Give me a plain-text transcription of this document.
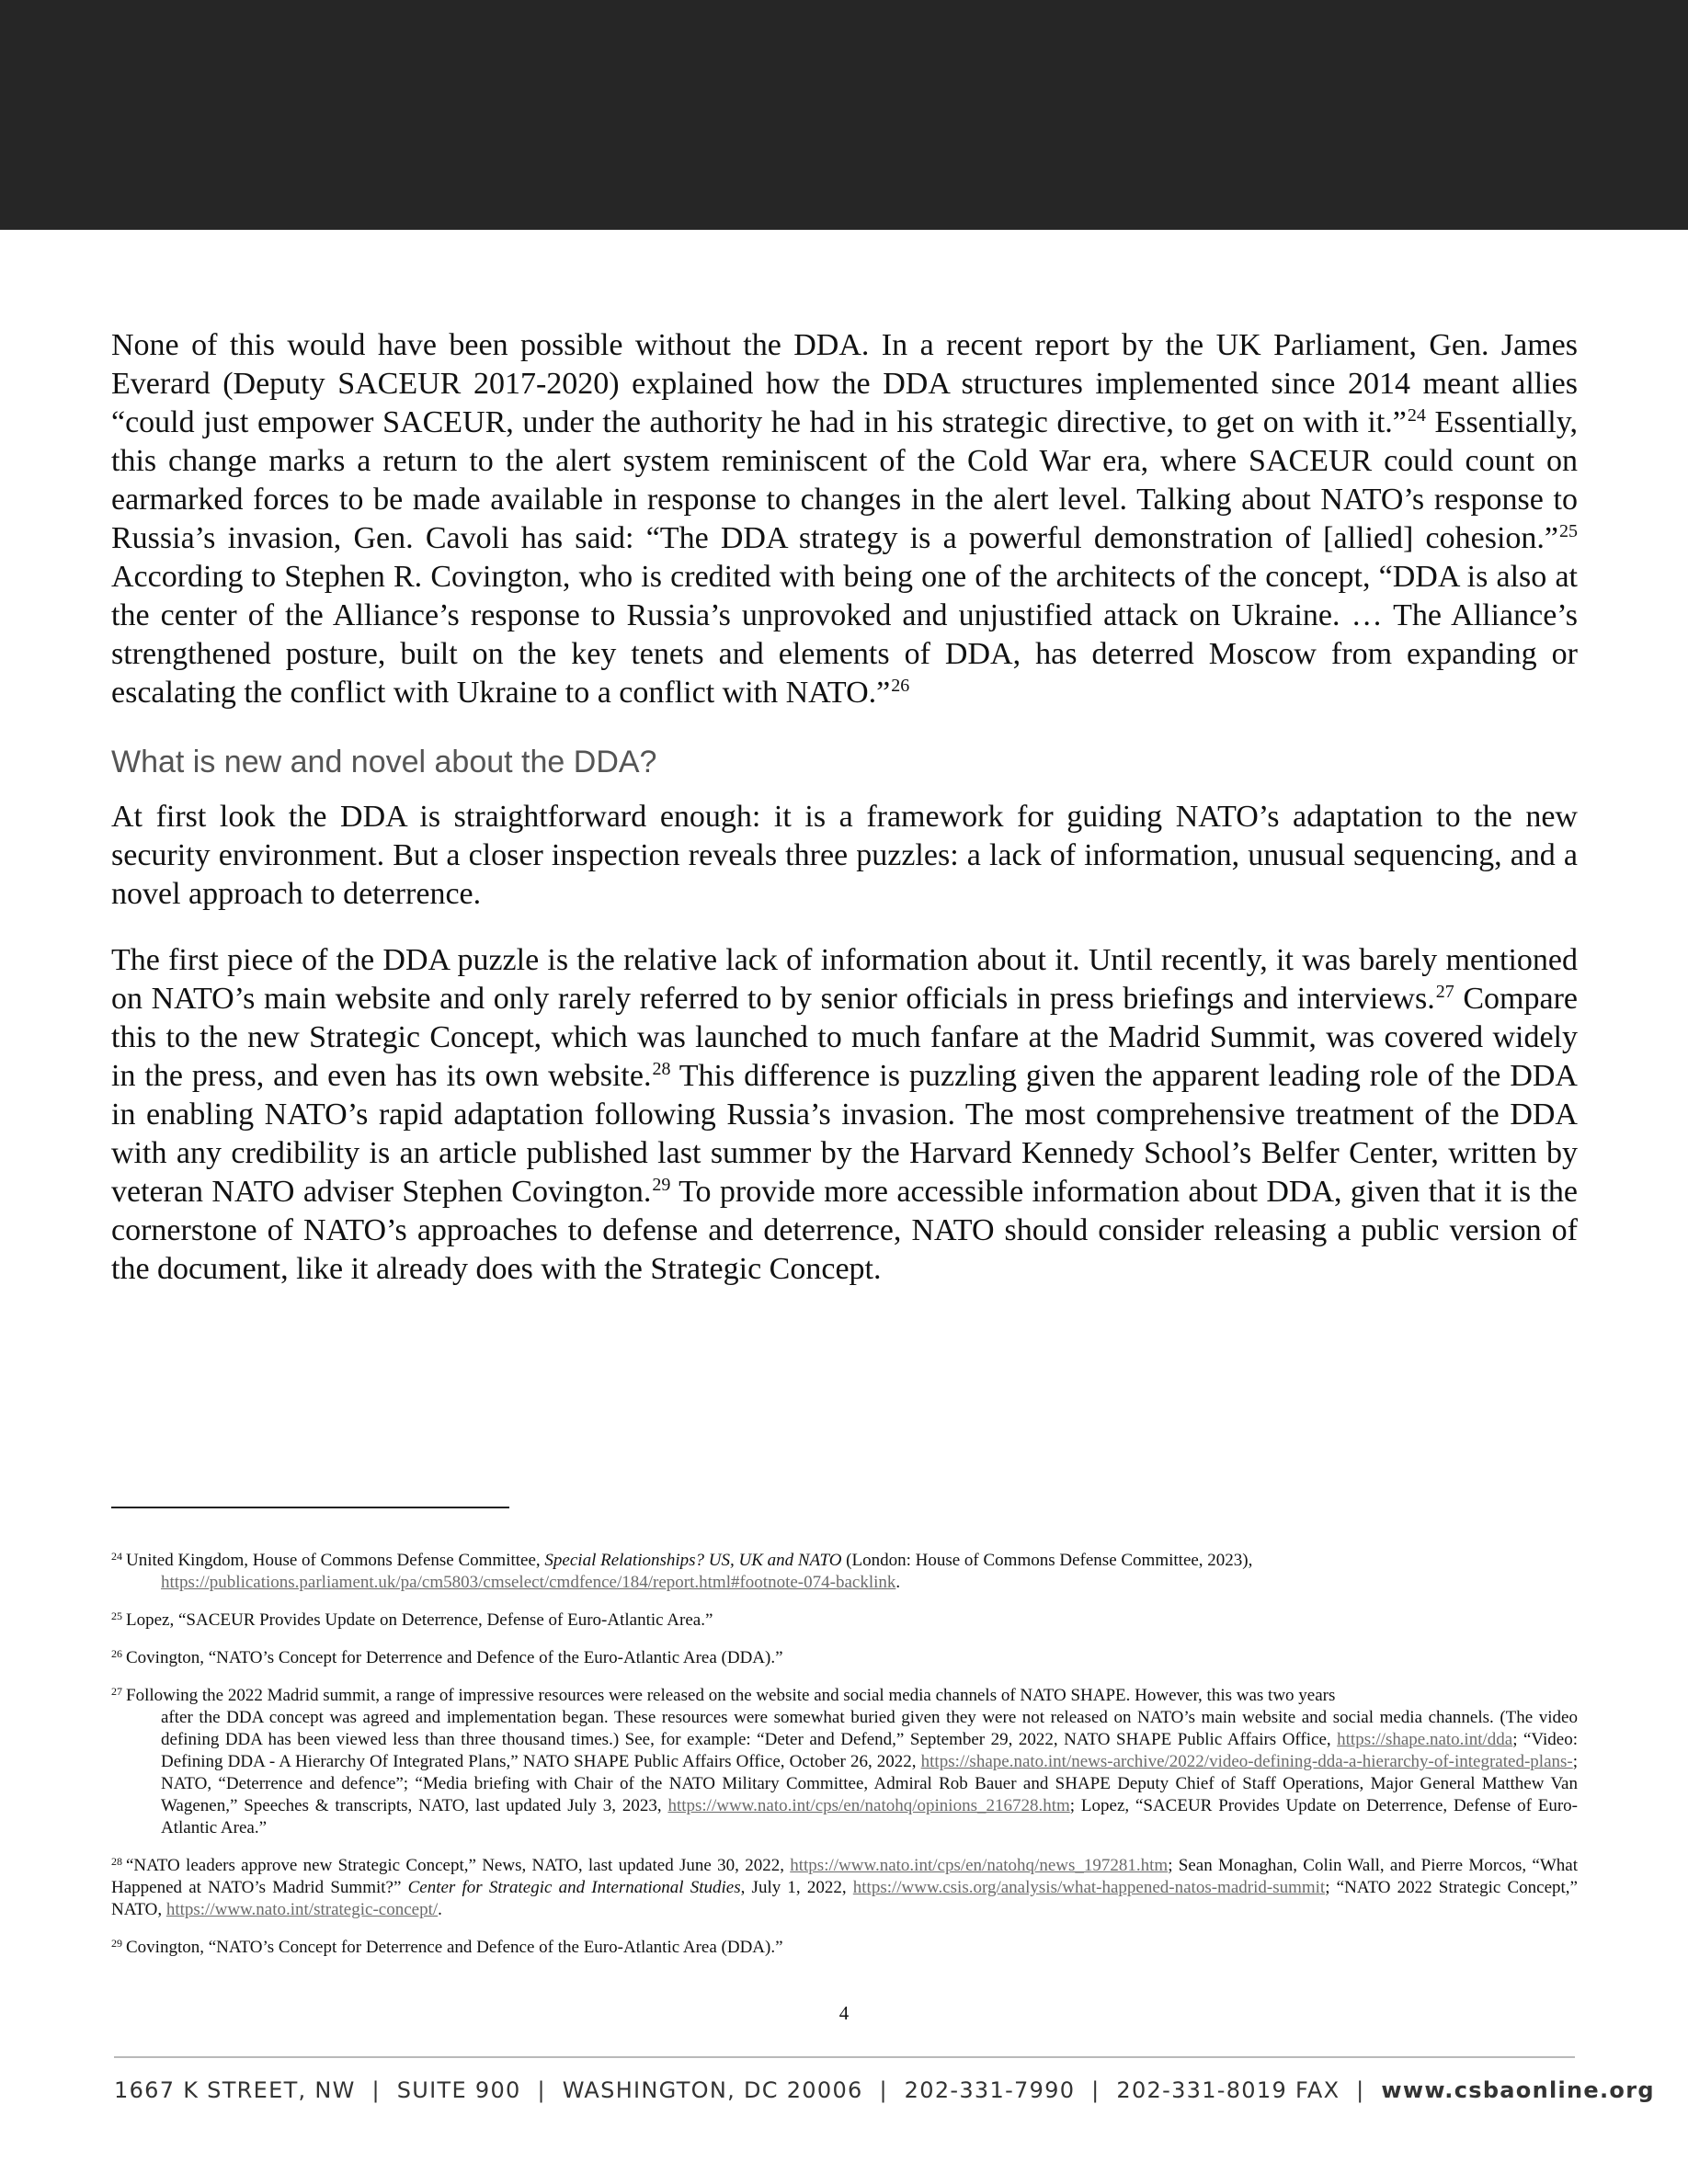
None of this would have been possible without the DDA. In a recent report by the UK Parliament, Gen. James Everard (Deputy SACEUR 2017-2020) explained how the DDA structures implemented since 2014 meant allies “could just empower SACEUR, under the authority he had in his strategic directive, to get on with it.”$^{24}$ Essentially, this change marks a return to the alert system reminiscent of the Cold War era, where SACEUR could count on earmarked forces to be made available in response to changes in the alert level. Talking about NATO’s response to Russia’s invasion, Gen. Cavoli has said: “The DDA strategy is a powerful demonstration of [allied] cohesion.”$^{25}$ According to Stephen R. Covington, who is credited with being one of the architects of the concept, “DDA is also at the center of the Alliance’s response to Russia’s unprovoked and unjustified attack on Ukraine. … The Alliance’s strengthened posture, built on the key tenets and elements of DDA, has deterred Moscow from expanding or escalating the conflict with Ukraine to a conflict with NATO.”$^{26}$

What is new and novel about the DDA?

At first look the DDA is straightforward enough: it is a framework for guiding NATO’s adaptation to the new security environment. But a closer inspection reveals three puzzles: a lack of information, unusual sequencing, and a novel approach to deterrence.

The first piece of the DDA puzzle is the relative lack of information about it. Until recently, it was barely mentioned on NATO’s main website and only rarely referred to by senior officials in press briefings and interviews.$^{27}$ Compare this to the new Strategic Concept, which was launched to much fanfare at the Madrid Summit, was covered widely in the press, and even has its own website.$^{28}$ This difference is puzzling given the apparent leading role of the DDA in enabling NATO’s rapid adaptation following Russia’s invasion. The most comprehensive treatment of the DDA with any credibility is an article published last summer by the Harvard Kennedy School’s Belfer Center, written by veteran NATO adviser Stephen Covington.$^{29}$ To provide more accessible information about DDA, given that it is the cornerstone of NATO’s approaches to defense and deterrence, NATO should consider releasing a public version of the document, like it already does with the Strategic Concept.

$^{24}$ United Kingdom, House of Commons Defense Committee, Special Relationships? US, UK and NATO (London: House of Commons Defense Committee, 2023),
https://publications.parliament.uk/pa/cm5803/cmselect/cmdfence/184/report.html#footnote-074-backlink.

$^{25}$ Lopez, “SACEUR Provides Update on Deterrence, Defense of Euro-Atlantic Area.”

$^{26}$ Covington, “NATO’s Concept for Deterrence and Defence of the Euro-Atlantic Area (DDA).”

$^{27}$ Following the 2022 Madrid summit, a range of impressive resources were released on the website and social media channels of NATO SHAPE. However, this was two years
after the DDA concept was agreed and implementation began. These resources were somewhat buried given they were not released on NATO’s main website and social media channels. (The video defining DDA has been viewed less than three thousand times.) See, for example: “Deter and Defend,” September 29, 2022, NATO SHAPE Public Affairs Office, https://shape.nato.int/dda; “Video: Defining DDA - A Hierarchy Of Integrated Plans,” NATO SHAPE Public Affairs Office, October 26, 2022, https://shape.nato.int/news-archive/2022/video-defining-dda-a-hierarchy-of-integrated-plans-; NATO, “Deterrence and defence”; “Media briefing with Chair of the NATO Military Committee, Admiral Rob Bauer and SHAPE Deputy Chief of Staff Operations, Major General Matthew Van Wagenen,” Speeches & transcripts, NATO, last updated July 3, 2023, https://www.nato.int/cps/en/natohq/opinions_216728.htm; Lopez, “SACEUR Provides Update on Deterrence, Defense of Euro-Atlantic Area.”

$^{28}$ “NATO leaders approve new Strategic Concept,” News, NATO, last updated June 30, 2022, https://www.nato.int/cps/en/natohq/news_197281.htm; Sean Monaghan, Colin Wall, and Pierre Morcos, “What Happened at NATO’s Madrid Summit?” Center for Strategic and International Studies, July 1, 2022, https://www.csis.org/analysis/what-happened-natos-madrid-summit; “NATO 2022 Strategic Concept,” NATO, https://www.nato.int/strategic-concept/.

$^{29}$ Covington, “NATO’s Concept for Deterrence and Defence of the Euro-Atlantic Area (DDA).”

4
1667 K STREET, NW  |  SUITE 900  |  WASHINGTON, DC 20006  |  202-331-7990  |  202-331-8019 FAX  |  www.csbaonline.org
